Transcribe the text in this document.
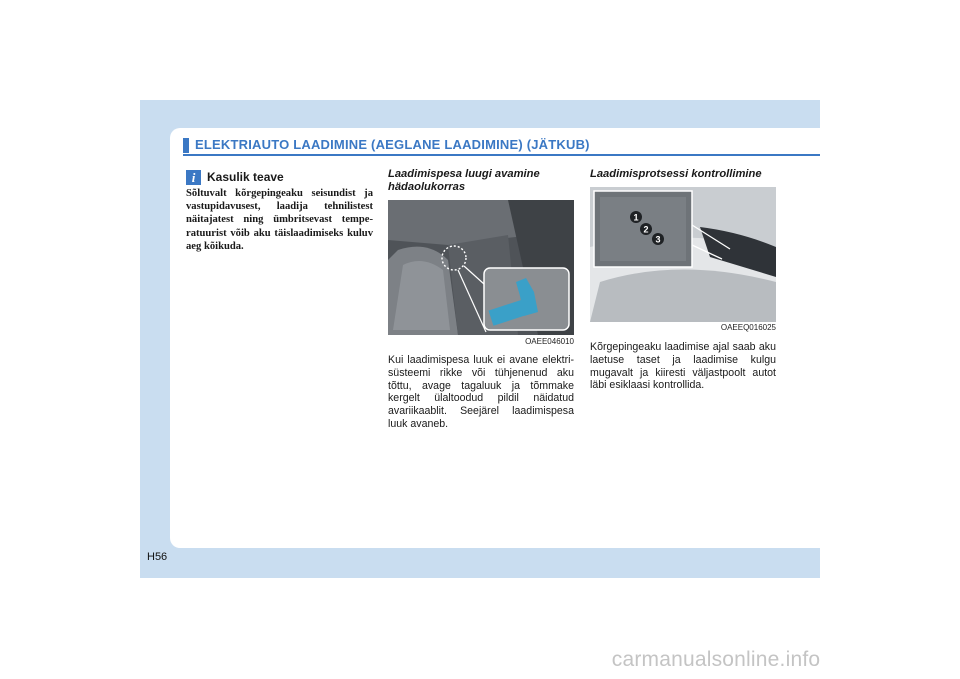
ELEKTRIAUTO LAADIMINE (AEGLANE LAADIMINE) (JÄTKUB)
i Kasulik teave
Sõltuvalt kõrgepingeaku seisundist ja vastupidavusest, laadija tehnilistest näitajatest ning ümbritsevast tempe- ratuurist võib aku täislaadimiseks kuluv aeg kõikuda.
Laadimispesa luugi avamine hädaolukorras
OAEE046010
Kui laadimispesa luuk ei avane elektri- süsteemi rikke või tühjenenud aku tõttu, avage tagaluuk ja tõmmake kergelt ülaltoodud pildil näidatud avariikaablit. Seejärel laadimispesa luuk avaneb.
Laadimisprotsessi kontrollimine
1
2
3
OAEEQ016025
Kõrgepingeaku laadimise ajal saab aku laetuse taset ja laadimise kulgu mugavalt ja kiiresti väljastpoolt autot läbi esiklaasi kontrollida.
H56
carmanualsonline.info
